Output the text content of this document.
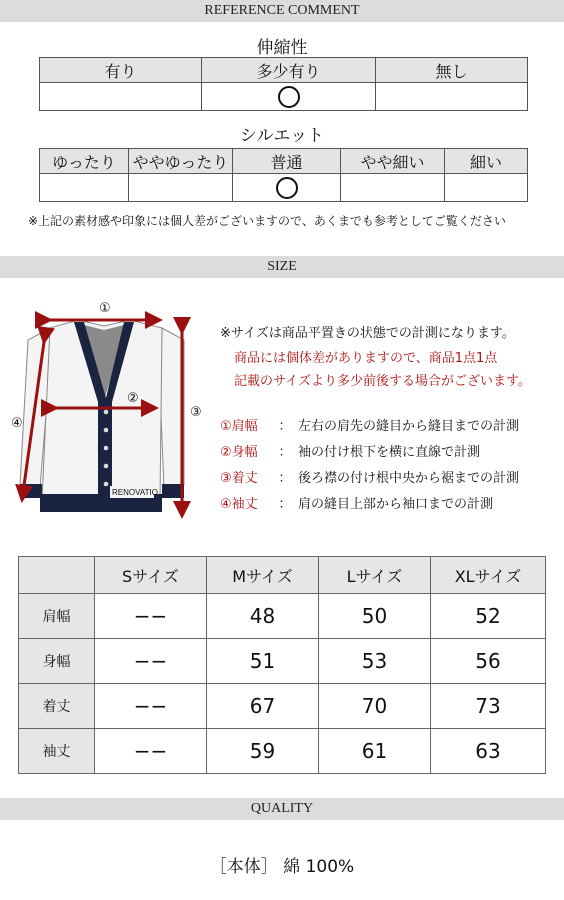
REFERENCE COMMENT
伸縮性
有り	多少有り	無し

シルエット
ゆったり	ややゆったり	普通	やや細い	細い

※上記の素材感や印象には個人差がございますので、あくまでも参考としてご覧ください
SIZE
RENOVATIO
①
②
③
④
※サイズは商品平置きの状態での計測になります。
商品には個体差がありますので、商品1点1点
記載のサイズより多少前後する場合がございます。
①肩幅 ： 左右の肩先の縫目から縫目までの計測
②身幅 ： 袖の付け根下を横に直線で計測
③着丈 ： 後ろ襟の付け根中央から裾までの計測
④袖丈 ： 肩の縫目上部から袖口までの計測
	Sサイズ	Mサイズ	Lサイズ	XLサイズ
肩幅	−−	48	50	52
身幅	−−	51	53	56
着丈	−−	67	70	73
袖丈	−−	59	61	63
QUALITY
［本体］ 綿 100%
